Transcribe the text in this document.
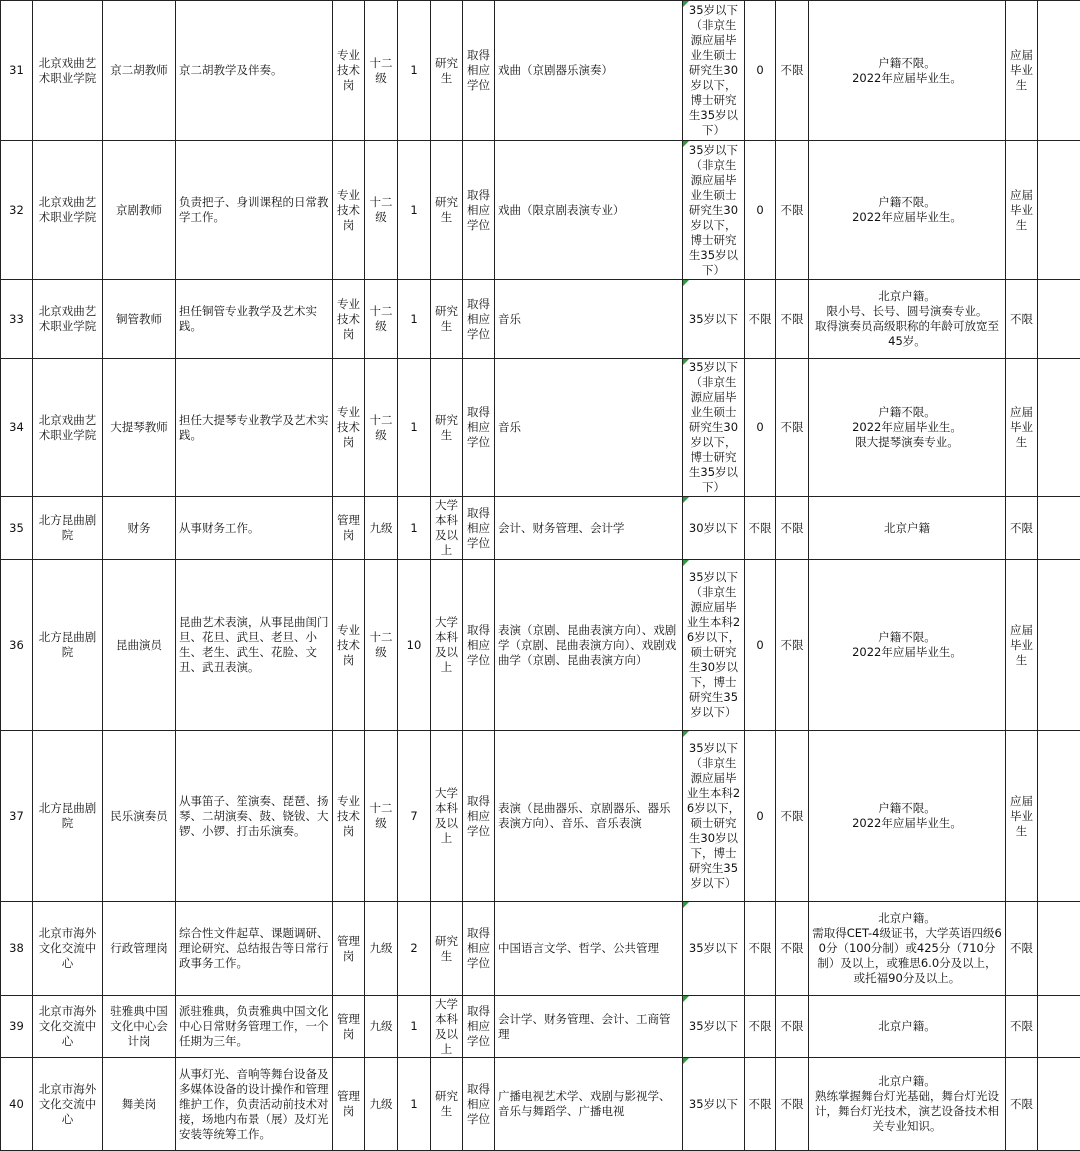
31	北京戏曲艺术职业学院	京二胡教师	京二胡教学及伴奏。	专业技术岗	十二级	1	研究生	取得相应学位	戏曲（京剧器乐演奏）	35岁以下（非京生源应届毕业生硕士研究生30岁以下，博士研究生35岁以下）	0	不限	户籍不限。
2022年应届毕业生。	应届毕业生	
32	北京戏曲艺术职业学院	京剧教师	负责把子、身训课程的日常教学工作。	专业技术岗	十二级	1	研究生	取得相应学位	戏曲（限京剧表演专业）	35岁以下（非京生源应届毕业生硕士研究生30岁以下，博士研究生35岁以下）	0	不限	户籍不限。
2022年应届毕业生。	应届毕业生	
33	北京戏曲艺术职业学院	铜管教师	担任铜管专业教学及艺术实践。	专业技术岗	十二级	1	研究生	取得相应学位	音乐	35岁以下	不限	不限	北京户籍。
限小号、长号、圆号演奏专业。
取得演奏员高级职称的年龄可放宽至45岁。	不限	
34	北京戏曲艺术职业学院	大提琴教师	担任大提琴专业教学及艺术实践。	专业技术岗	十二级	1	研究生	取得相应学位	音乐	35岁以下（非京生源应届毕业生硕士研究生30岁以下，博士研究生35岁以下）	0	不限	户籍不限。
2022年应届毕业生。
限大提琴演奏专业。	应届毕业生	
35	北方昆曲剧院	财务	从事财务工作。	管理岗	九级	1	大学本科及以上	取得相应学位	会计、财务管理、会计学	30岁以下	不限	不限	北京户籍	不限	
36	北方昆曲剧院	昆曲演员	昆曲艺术表演，从事昆曲闺门旦、花旦、武旦、老旦、小生、老生、武生、花脸、文丑、武丑表演。	专业技术岗	十二级	10	大学本科及以上	取得相应学位	表演（京剧、昆曲表演方向）、戏剧学（京剧、昆曲表演方向）、戏剧戏曲学（京剧、昆曲表演方向）	35岁以下（非京生源应届毕业生本科26岁以下，硕士研究生30岁以下，博士研究生35岁以下）	0	不限	户籍不限。
2022年应届毕业生。	应届毕业生	
37	北方昆曲剧院	民乐演奏员	从事笛子、笙演奏、琵琶、扬琴、二胡演奏、鼓、铙钹、大锣、小锣、打击乐演奏。	专业技术岗	十二级	7	大学本科及以上	取得相应学位	表演（昆曲器乐、京剧器乐、器乐表演方向）、音乐、音乐表演	35岁以下（非京生源应届毕业生本科26岁以下，硕士研究生30岁以下，博士研究生35岁以下）	0	不限	户籍不限。
2022年应届毕业生。	应届毕业生	
38	北京市海外文化交流中心	行政管理岗	综合性文件起草、课题调研、理论研究、总结报告等日常行政事务工作。	管理岗	九级	2	研究生	取得相应学位	中国语言文学、哲学、公共管理	35岁以下	不限	不限	北京户籍。
需取得CET-4级证书，大学英语四级60分（100分制）或425分（710分制）及以上，或雅思6.0分及以上，或托福90分及以上。	不限	
39	北京市海外文化交流中心	驻雅典中国文化中心会计岗	派驻雅典，负责雅典中国文化中心日常财务管理工作，一个任期为三年。	管理岗	九级	1	大学本科及以上	取得相应学位	会计学、财务管理、会计、工商管理	35岁以下	不限	不限	北京户籍。	不限	
40	北京市海外文化交流中心	舞美岗	从事灯光、音响等舞台设备及多媒体设备的设计操作和管理维护工作，负责活动前技术对接，场地内布景（展）及灯光安装等统筹工作。	管理岗	九级	1	研究生	取得相应学位	广播电视艺术学、戏剧与影视学、音乐与舞蹈学、广播电视	35岁以下	不限	不限	北京户籍。
熟练掌握舞台灯光基础，舞台灯光设计，舞台灯光技术，演艺设备技术相关专业知识。	不限	
